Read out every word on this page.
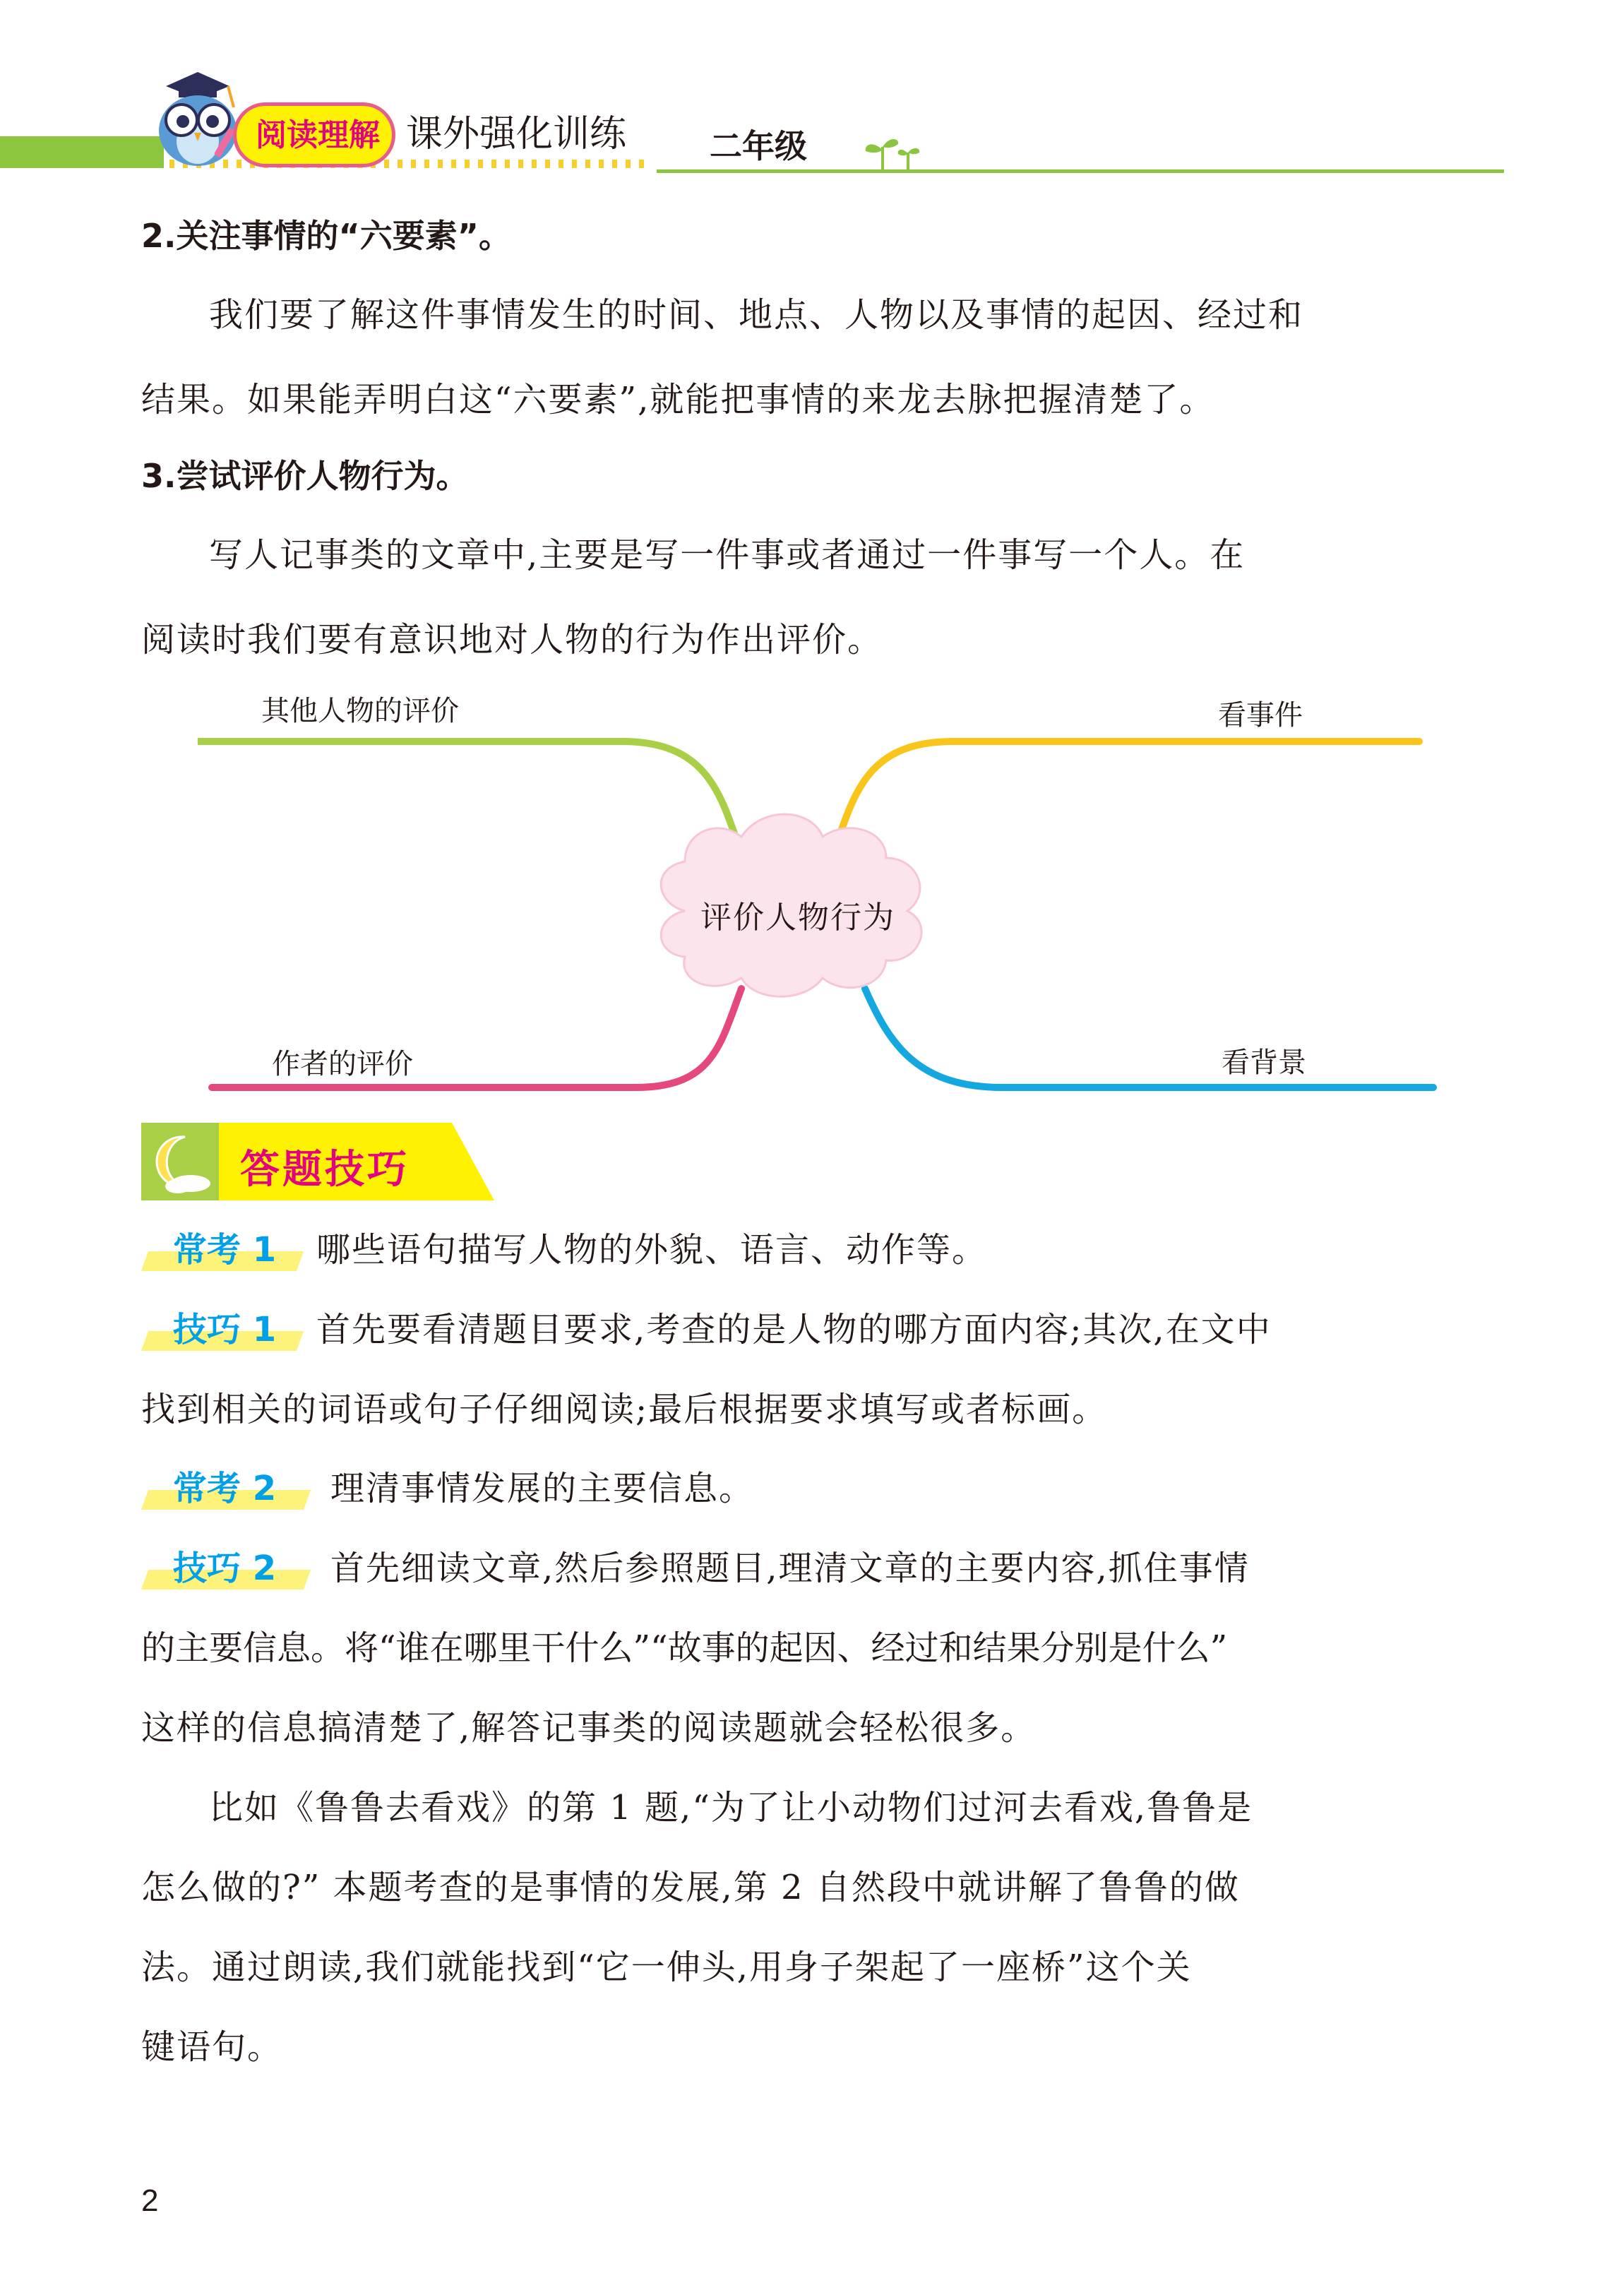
阅读理解 课外强化训练	二年级
2.关注事情的“六要素”。

我们要了解这件事情发生的时间、地点、人物以及事情的起因、经过和

结果。如果能弄明白这“六要素”,就能把事情的来龙去脉把握清楚了。

3.尝试评价人物行为。

写人记事类的文章中,主要是写一件事或者通过一件事写一个人。在

阅读时我们要有意识地对人物的行为作出评价。

评价人物行为
其他人物的评价	看事件
作者的评价	看背景
答题技巧
常考 1 哪些语句描写人物的外貌、语言、动作等。
技巧 1 首先要看清题目要求,考查的是人物的哪方面内容;其次,在文中
找到相关的词语或句子仔细阅读;最后根据要求填写或者标画。
常考 2 理清事情发展的主要信息。
技巧 2 首先细读文章,然后参照题目,理清文章的主要内容,抓住事情
的主要信息。将“谁在哪里干什么”“故事的起因、经过和结果分别是什么”
这样的信息搞清楚了,解答记事类的阅读题就会轻松很多。
比如《鲁鲁去看戏》的第 1 题,“为了让小动物们过河去看戏,鲁鲁是
怎么做的?” 本题考查的是事情的发展,第 2 自然段中就讲解了鲁鲁的做
法。通过朗读,我们就能找到“它一伸头,用身子架起了一座桥”这个关
键语句。
2
